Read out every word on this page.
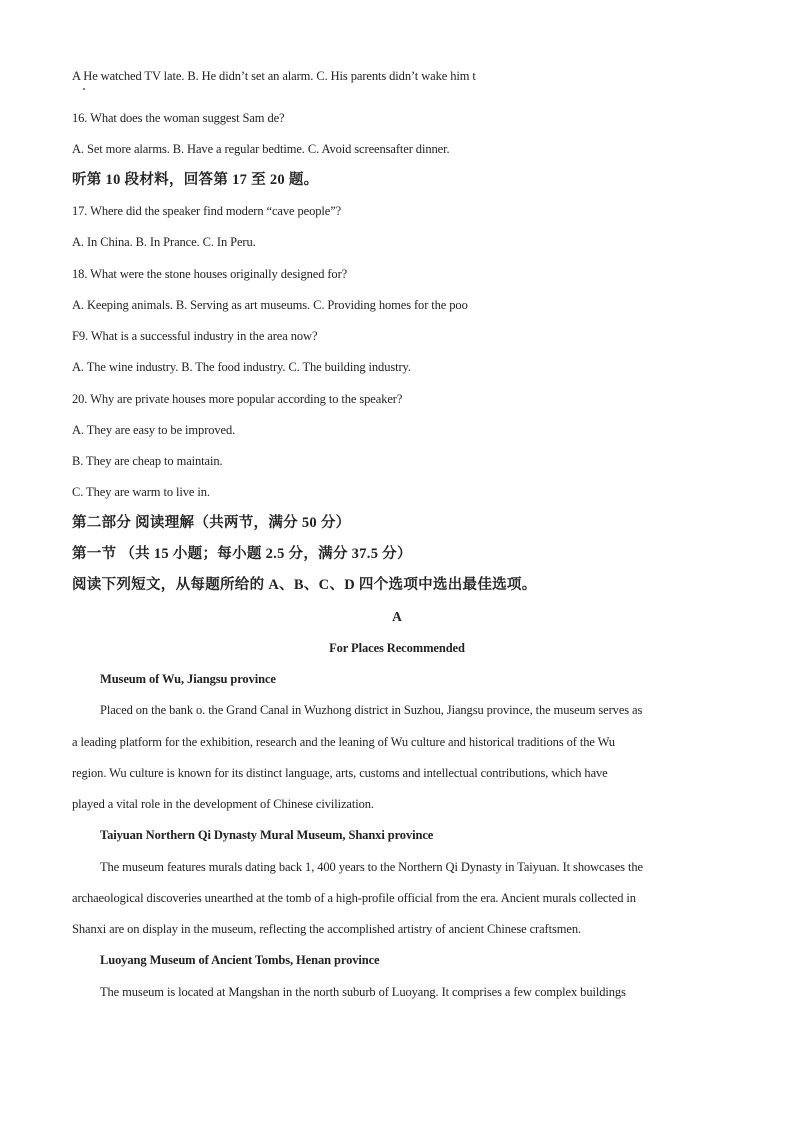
A He watched TV late. B. He didn’t set an alarm. C. His parents didn’t wake him t
16. What does the woman suggest Sam de?
A. Set more alarms. B. Have a regular bedtime. C. Avoid screensafter dinner.
听第 10 段材料，回答第 17 至 20 题。
17. Where did the speaker find modern “cave people”?
A. In China. B. In Prance. C. In Peru.
18. What were the stone houses originally designed for?
A. Keeping animals. B. Serving as art museums. C. Providing homes for the poo
F9. What is a successful industry in the area now?
A. The wine industry. B. The food industry. C. The building industry.
20. Why are private houses more popular according to the speaker?
A. They are easy to be improved.
B. They are cheap to maintain.
C. They are warm to live in.
第二部分 阅读理解（共两节，满分 50 分）
第一节 （共 15 小题；每小题 2.5 分，满分 37.5 分）
阅读下列短文，从每题所给的 A、B、C、D 四个选项中选出最佳选项。
A
For Places Recommended
Museum of Wu, Jiangsu province
Placed on the bank o. the Grand Canal in Wuzhong district in Suzhou, Jiangsu province, the museum serves as
a leading platform for the exhibition, research and the leaning of Wu culture and historical traditions of the Wu
region. Wu culture is known for its distinct language, arts, customs and intellectual contributions, which have
played a vital role in the development of Chinese civilization.
Taiyuan Northern Qi Dynasty Mural Museum, Shanxi province
The museum features murals dating back 1, 400 years to the Northern Qi Dynasty in Taiyuan. It showcases the
archaeological discoveries unearthed at the tomb of a high-profile official from the era. Ancient murals collected in
Shanxi are on display in the museum, reflecting the accomplished artistry of ancient Chinese craftsmen.
Luoyang Museum of Ancient Tombs, Henan province
The museum is located at Mangshan in the north suburb of Luoyang. It comprises a few complex buildings
